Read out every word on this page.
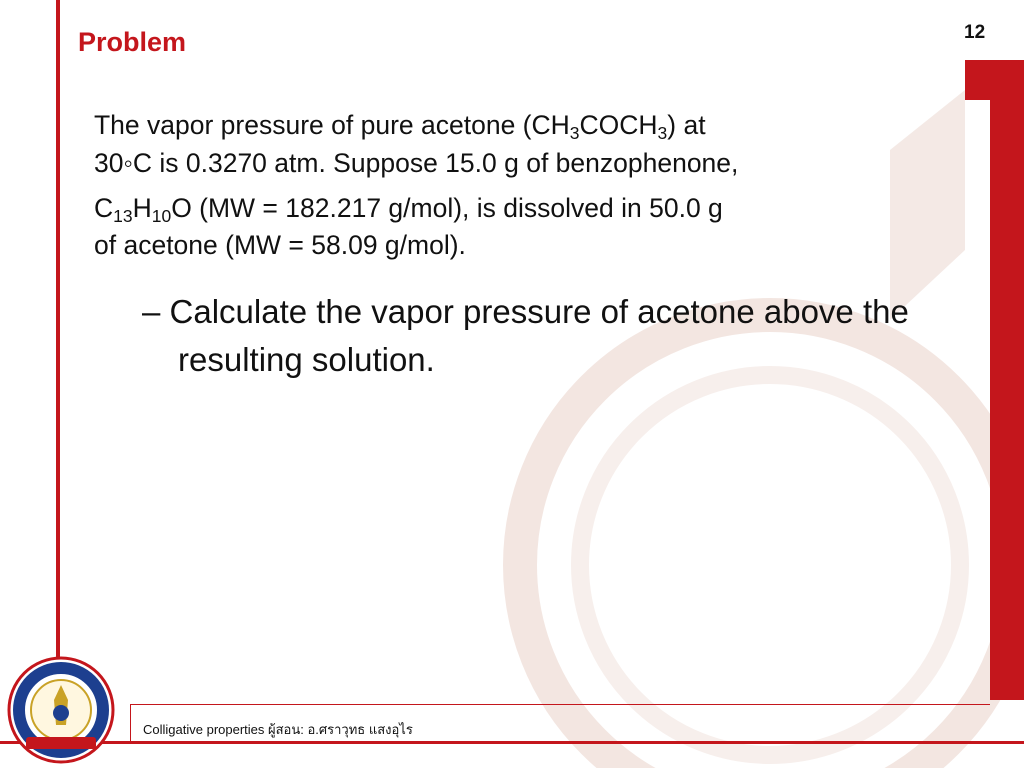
Problem	12

The vapor pressure of pure acetone $(CH_3COCH_3)$ at
30◦C is 0.3270 atm. Suppose 15.0 g of benzophenone,
$C_{13}H_{10}O$ (MW = 182.217 g/mol), is dissolved in 50.0 g
of acetone (MW = 58.09 g/mol).

– Calculate the vapor pressure of acetone above the resulting solution.
Colligative properties ผู้สอน: อ.ศราวุทธ แสงอุไร
